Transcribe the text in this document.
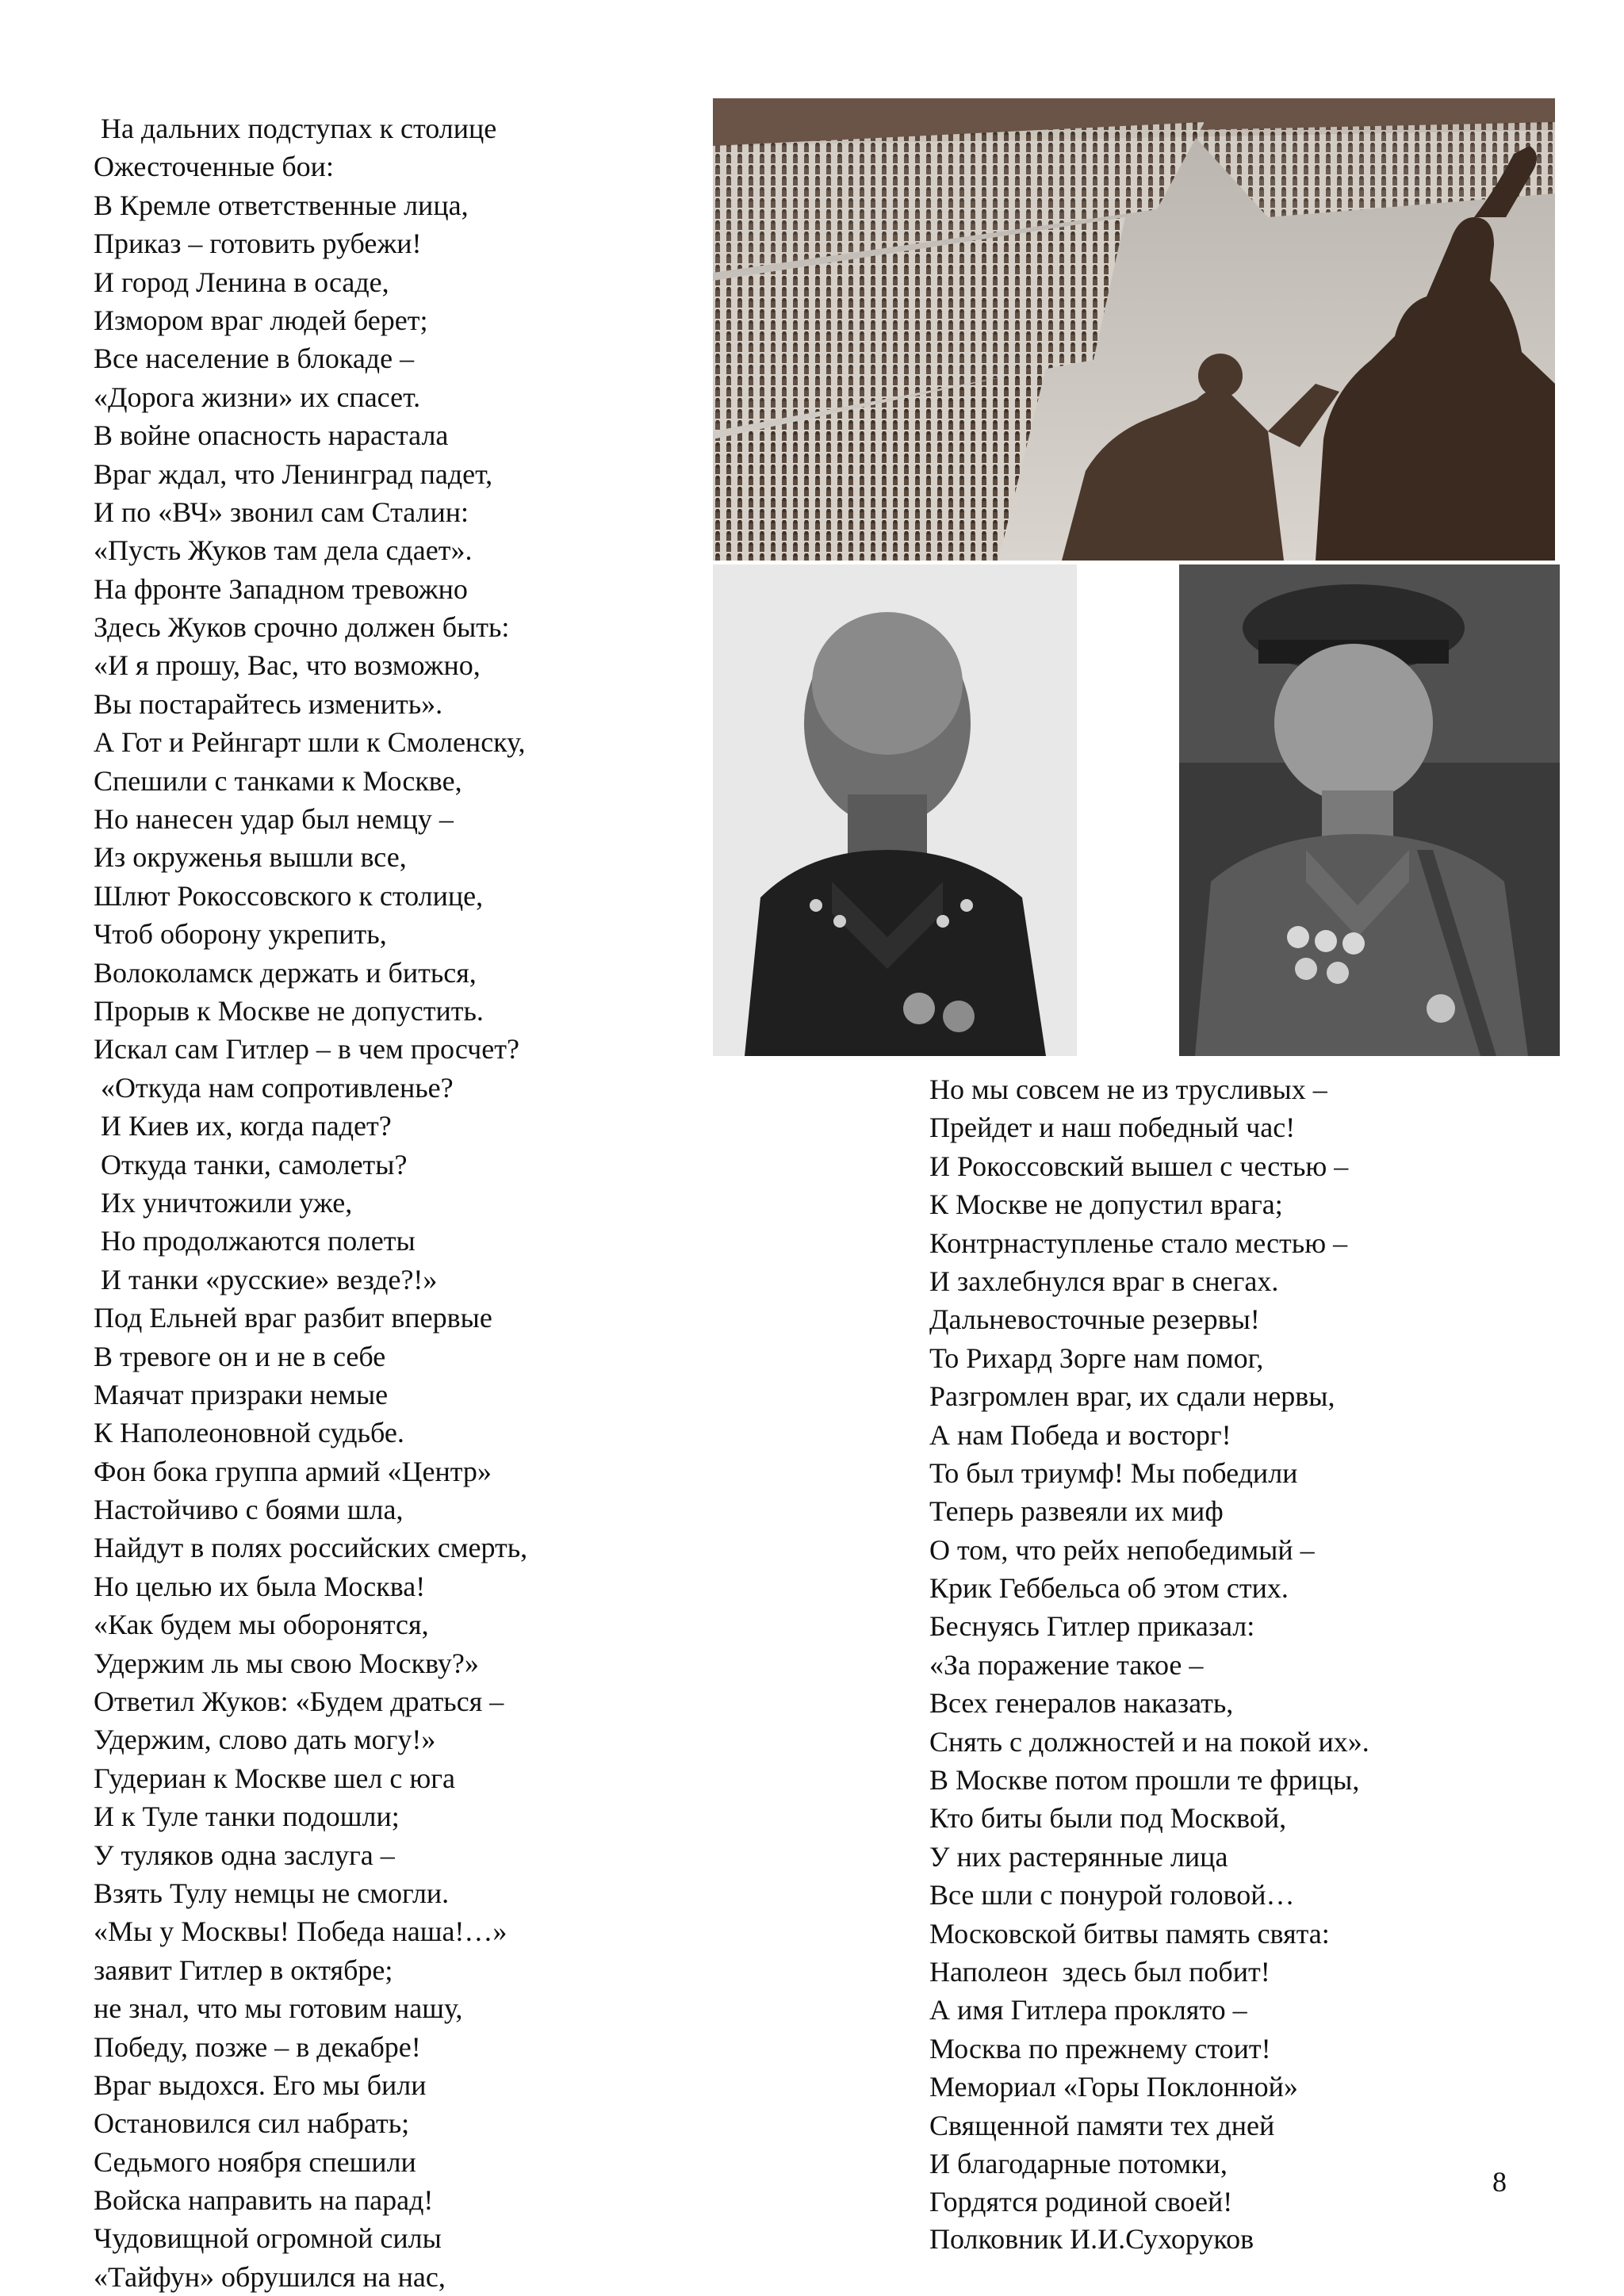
На дальних подступах к столице
Ожесточенные бои:
В Кремле ответственные лица,
Приказ – готовить рубежи!
И город Ленина в осаде,
Измором враг людей берет;
Все население в блокаде –
«Дорога жизни» их спасет.
В войне опасность нарастала
Враг ждал, что Ленинград падет,
И по «ВЧ» звонил сам Сталин:
«Пусть Жуков там дела сдает».
На фронте Западном тревожно
Здесь Жуков срочно должен быть:
«И я прошу, Вас, что возможно,
Вы постарайтесь изменить».
А Гот и Рейнгарт шли к Смоленску,
Спешили с танками к Москве,
Но нанесен удар был немцу –
Из окруженья вышли все,
Шлют Рокоссовского к столице,
Чтоб оборону укрепить,
Волоколамск держать и биться,
Прорыв к Москве не допустить.
Искал сам Гитлер – в чем просчет?
«Откуда нам сопротивленье?
И Киев их, когда падет?
Откуда танки, самолеты?
Их уничтожили уже,
Но продолжаются полеты
И танки «русские» везде?!»
Под Ельней враг разбит впервые
В тревоге он и не в себе
Маячат призраки немые
К Наполеоновной судьбе.
Фон бока группа армий «Центр»
Настойчиво с боями шла,
Найдут в полях российских смерть,
Но целью их была Москва!
«Как будем мы оборонятся,
Удержим ль мы свою Москву?»
Ответил Жуков: «Будем драться –
Удержим, слово дать могу!»
Гудериан к Москве шел с юга
И к Туле танки подошли;
У туляков одна заслуга –
Взять Тулу немцы не смогли.
«Мы у Москвы! Победа наша!…»
заявит Гитлер в октябре;
не знал, что мы готовим нашу,
Победу, позже – в декабре!
Враг выдохся. Его мы били
Остановился сил набрать;
Седьмого ноября спешили
Войска направить на парад!
Чудовищной огромной силы
«Тайфун» обрушился на нас,
Но мы совсем не из трусливых –
Прейдет и наш победный час!
И Рокоссовский вышел с честью –
К Москве не допустил врага;
Контрнаступленье стало местью –
И захлебнулся враг в снегах.
Дальневосточные резервы!
То Рихард Зорге нам помог,
Разгромлен враг, их сдали нервы,
А нам Победа и восторг!
То был триумф! Мы победили
Теперь развеяли их миф
О том, что рейх непобедимый –
Крик Геббельса об этом стих.
Беснуясь Гитлер приказал:
«За поражение такое –
Всех генералов наказать,
Снять с должностей и на покой их».
В Москве потом прошли те фрицы,
Кто биты были под Москвой,
У них растерянные лица
Все шли с понурой головой…
Московской битвы память свята:
Наполеон  здесь был побит!
А имя Гитлера проклято –
Москва по прежнему стоит!
Мемориал «Горы Поклонной»
Священной памяти тех дней
И благодарные потомки,
Гордятся родиной своей!
Полковник И.И.Сухоруков
8
